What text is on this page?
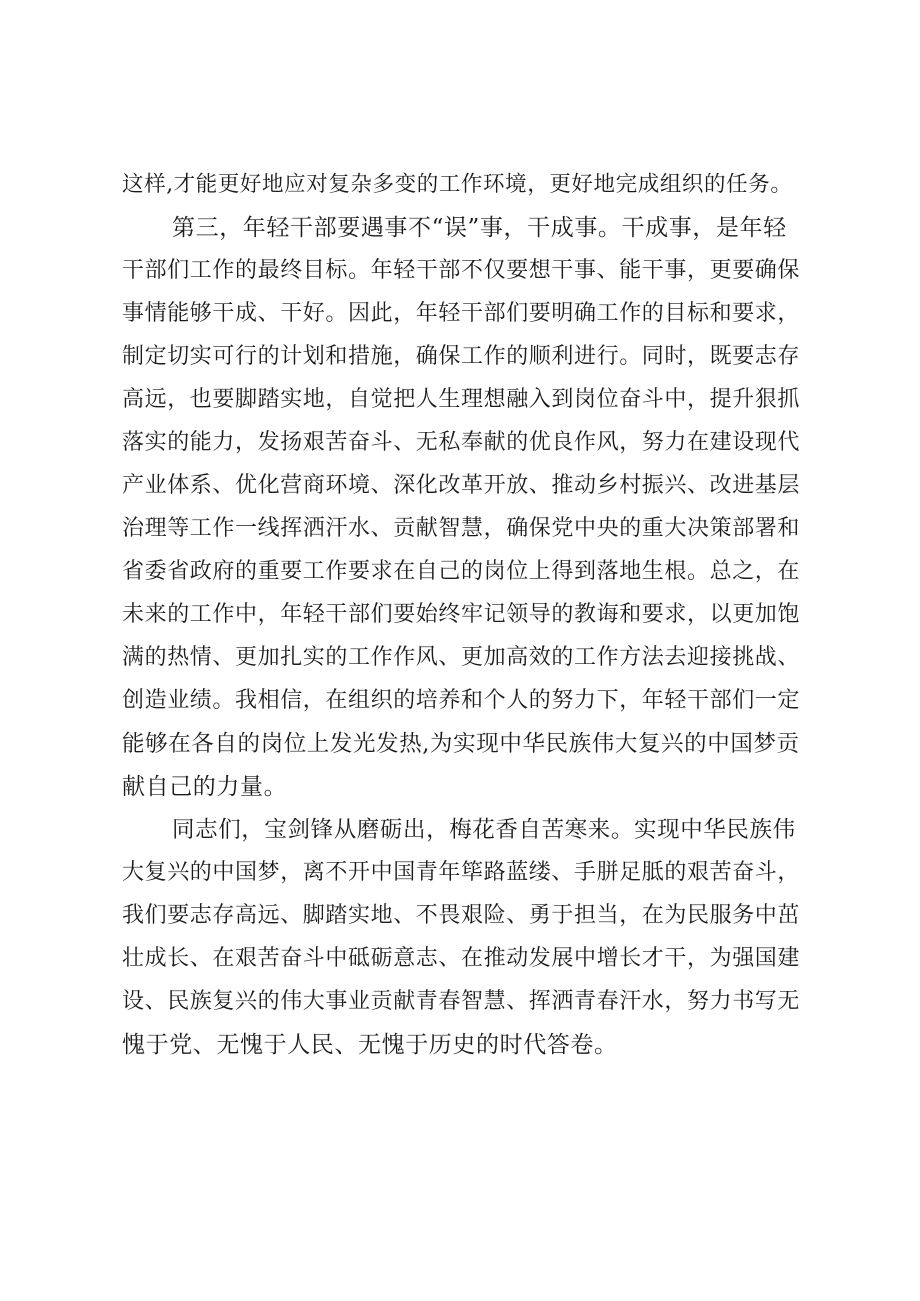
这样,才能更好地应对复杂多变的工作环境，更好地完成组织的任务。
第三，年轻干部要遇事不“误”事，干成事。干成事，是年轻
干部们工作的最终目标。年轻干部不仅要想干事、能干事，更要确保
事情能够干成、干好。因此，年轻干部们要明确工作的目标和要求，
制定切实可行的计划和措施，确保工作的顺利进行。同时，既要志存
高远，也要脚踏实地，自觉把人生理想融入到岗位奋斗中，提升狠抓
落实的能力，发扬艰苦奋斗、无私奉献的优良作风，努力在建设现代
产业体系、优化营商环境、深化改革开放、推动乡村振兴、改进基层
治理等工作一线挥洒汗水、贡献智慧，确保党中央的重大决策部署和
省委省政府的重要工作要求在自己的岗位上得到落地生根。总之，在
未来的工作中，年轻干部们要始终牢记领导的教诲和要求，以更加饱
满的热情、更加扎实的工作作风、更加高效的工作方法去迎接挑战、
创造业绩。我相信，在组织的培养和个人的努力下，年轻干部们一定
能够在各自的岗位上发光发热,为实现中华民族伟大复兴的中国梦贡
献自己的力量。
同志们，宝剑锋从磨砺出，梅花香自苦寒来。实现中华民族伟
大复兴的中国梦，离不开中国青年筚路蓝缕、手胼足胝的艰苦奋斗，
我们要志存高远、脚踏实地、不畏艰险、勇于担当，在为民服务中茁
壮成长、在艰苦奋斗中砥砺意志、在推动发展中增长才干，为强国建
设、民族复兴的伟大事业贡献青春智慧、挥洒青春汗水，努力书写无
愧于党、无愧于人民、无愧于历史的时代答卷。
